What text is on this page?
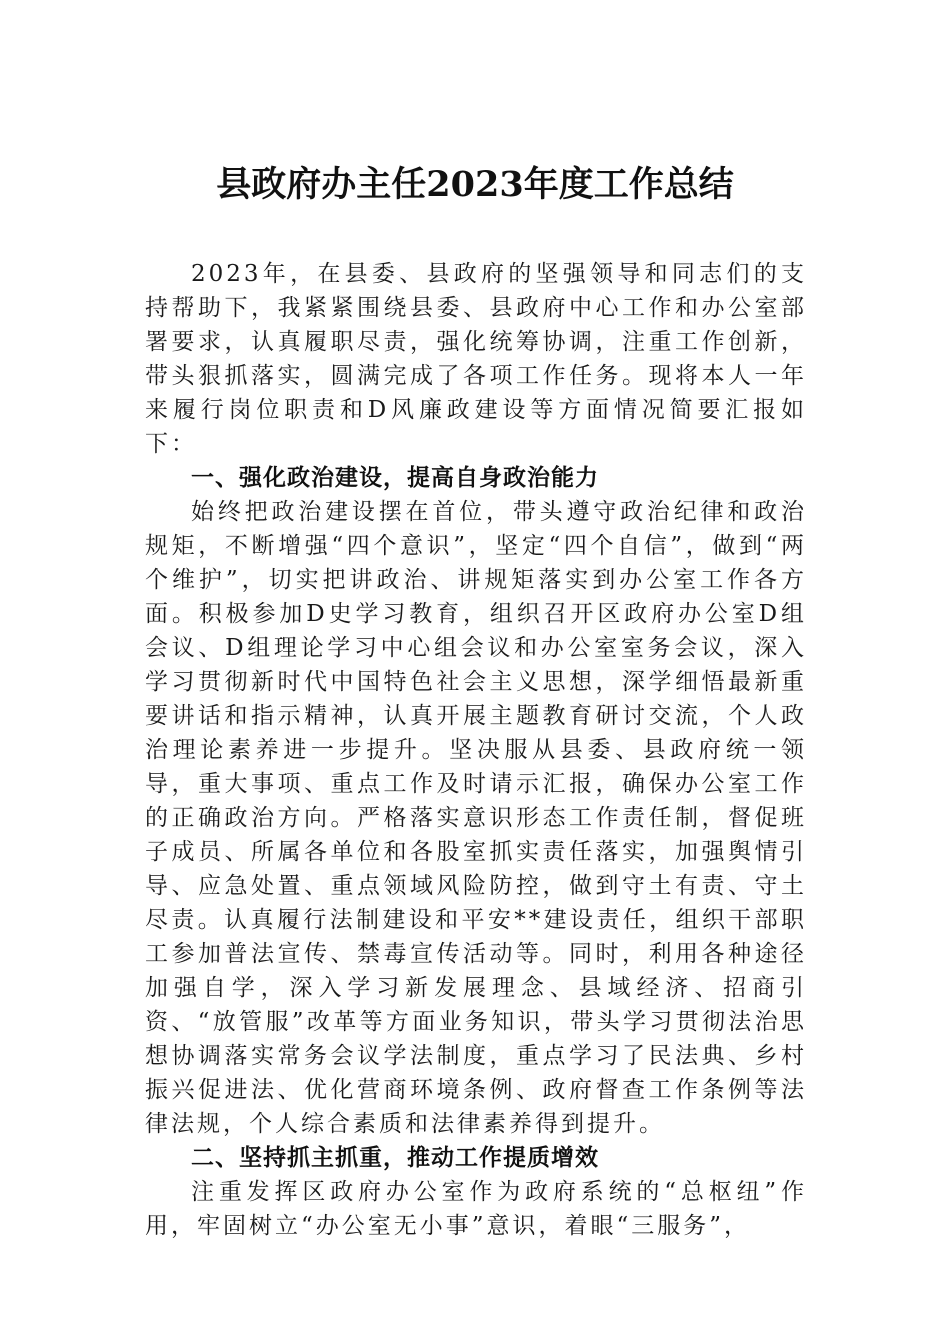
县政府办主任2023年度工作总结

2023年，在县委、县政府的坚强领导和同志们的支持帮助下，我紧紧围绕县委、县政府中心工作和办公室部署要求，认真履职尽责，强化统筹协调，注重工作创新，带头狠抓落实，圆满完成了各项工作任务。现将本人一年来履行岗位职责和D风廉政建设等方面情况简要汇报如下：

一、强化政治建设，提高自身政治能力

始终把政治建设摆在首位，带头遵守政治纪律和政治规矩，不断增强“四个意识”，坚定“四个自信”，做到“两个维护”，切实把讲政治、讲规矩落实到办公室工作各方面。积极参加D史学习教育，组织召开区政府办公室D组会议、D组理论学习中心组会议和办公室室务会议，深入学习贯彻新时代中国特色社会主义思想，深学细悟最新重要讲话和指示精神，认真开展主题教育研讨交流，个人政治理论素养进一步提升。坚决服从县委、县政府统一领导，重大事项、重点工作及时请示汇报，确保办公室工作的正确政治方向。严格落实意识形态工作责任制，督促班子成员、所属各单位和各股室抓实责任落实，加强舆情引导、应急处置、重点领域风险防控，做到守土有责、守土尽责。认真履行法制建设和平安**建设责任，组织干部职工参加普法宣传、禁毒宣传活动等。同时，利用各种途径加强自学，深入学习新发展理念、县域经济、招商引资、“放管服”改革等方面业务知识，带头学习贯彻法治思想协调落实常务会议学法制度，重点学习了民法典、乡村振兴促进法、优化营商环境条例、政府督查工作条例等法律法规，个人综合素质和法律素养得到提升。

二、坚持抓主抓重，推动工作提质增效

注重发挥区政府办公室作为政府系统的“总枢纽”作用，牢固树立“办公室无小事”意识，着眼“三服务”，
